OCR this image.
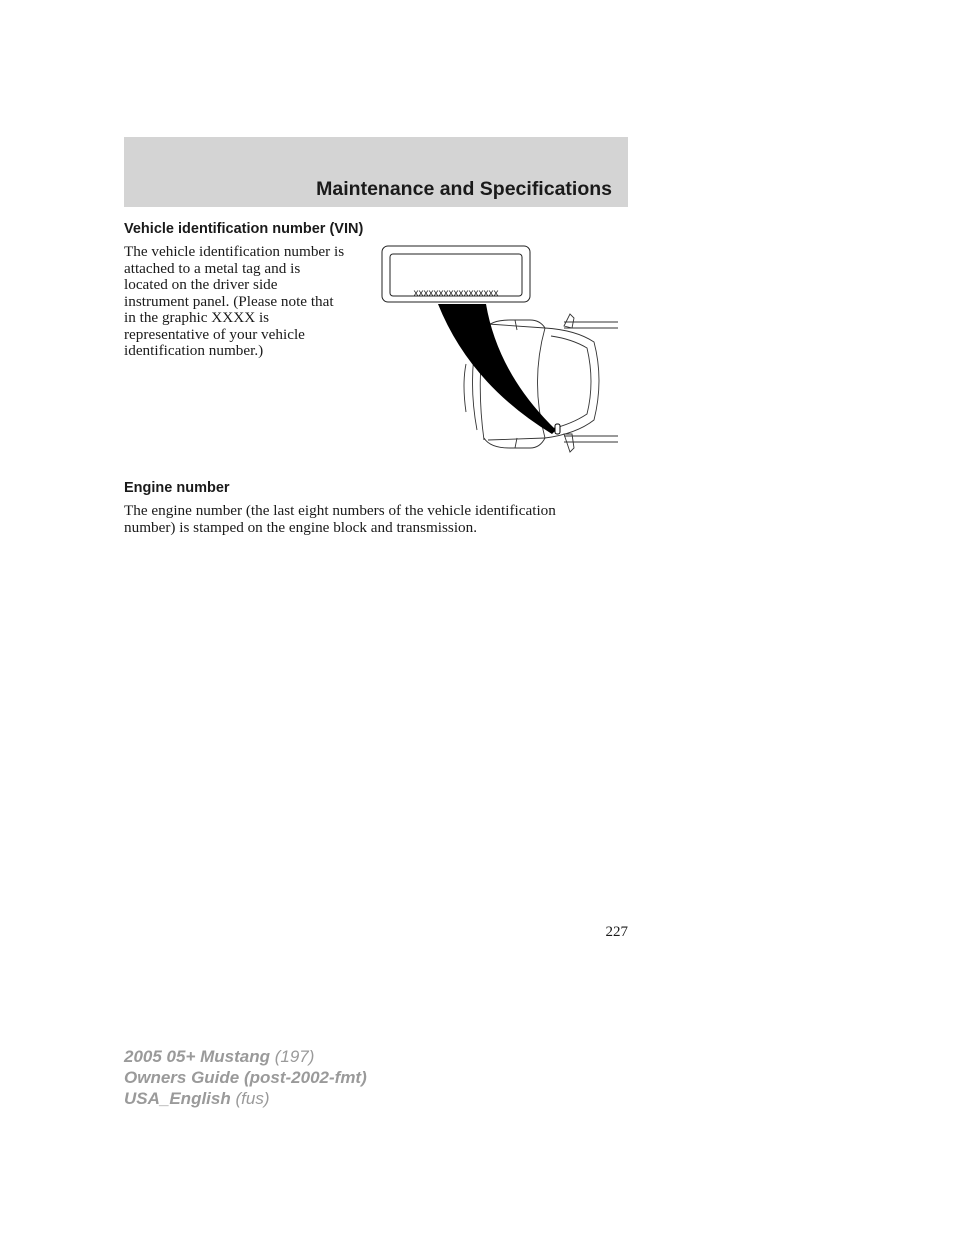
Maintenance and Specifications
Vehicle identification number (VIN)
The vehicle identification number is
attached to a metal tag and is
located on the driver side
instrument panel. (Please note that
in the graphic XXXX is
representative of your vehicle
identification number.)
xxxxxxxxxxxxxxxxx
Engine number
The engine number (the last eight numbers of the vehicle identification
number) is stamped on the engine block and transmission.
227
2005 05+ Mustang (197)
Owners Guide (post-2002-fmt)
USA_English (fus)
